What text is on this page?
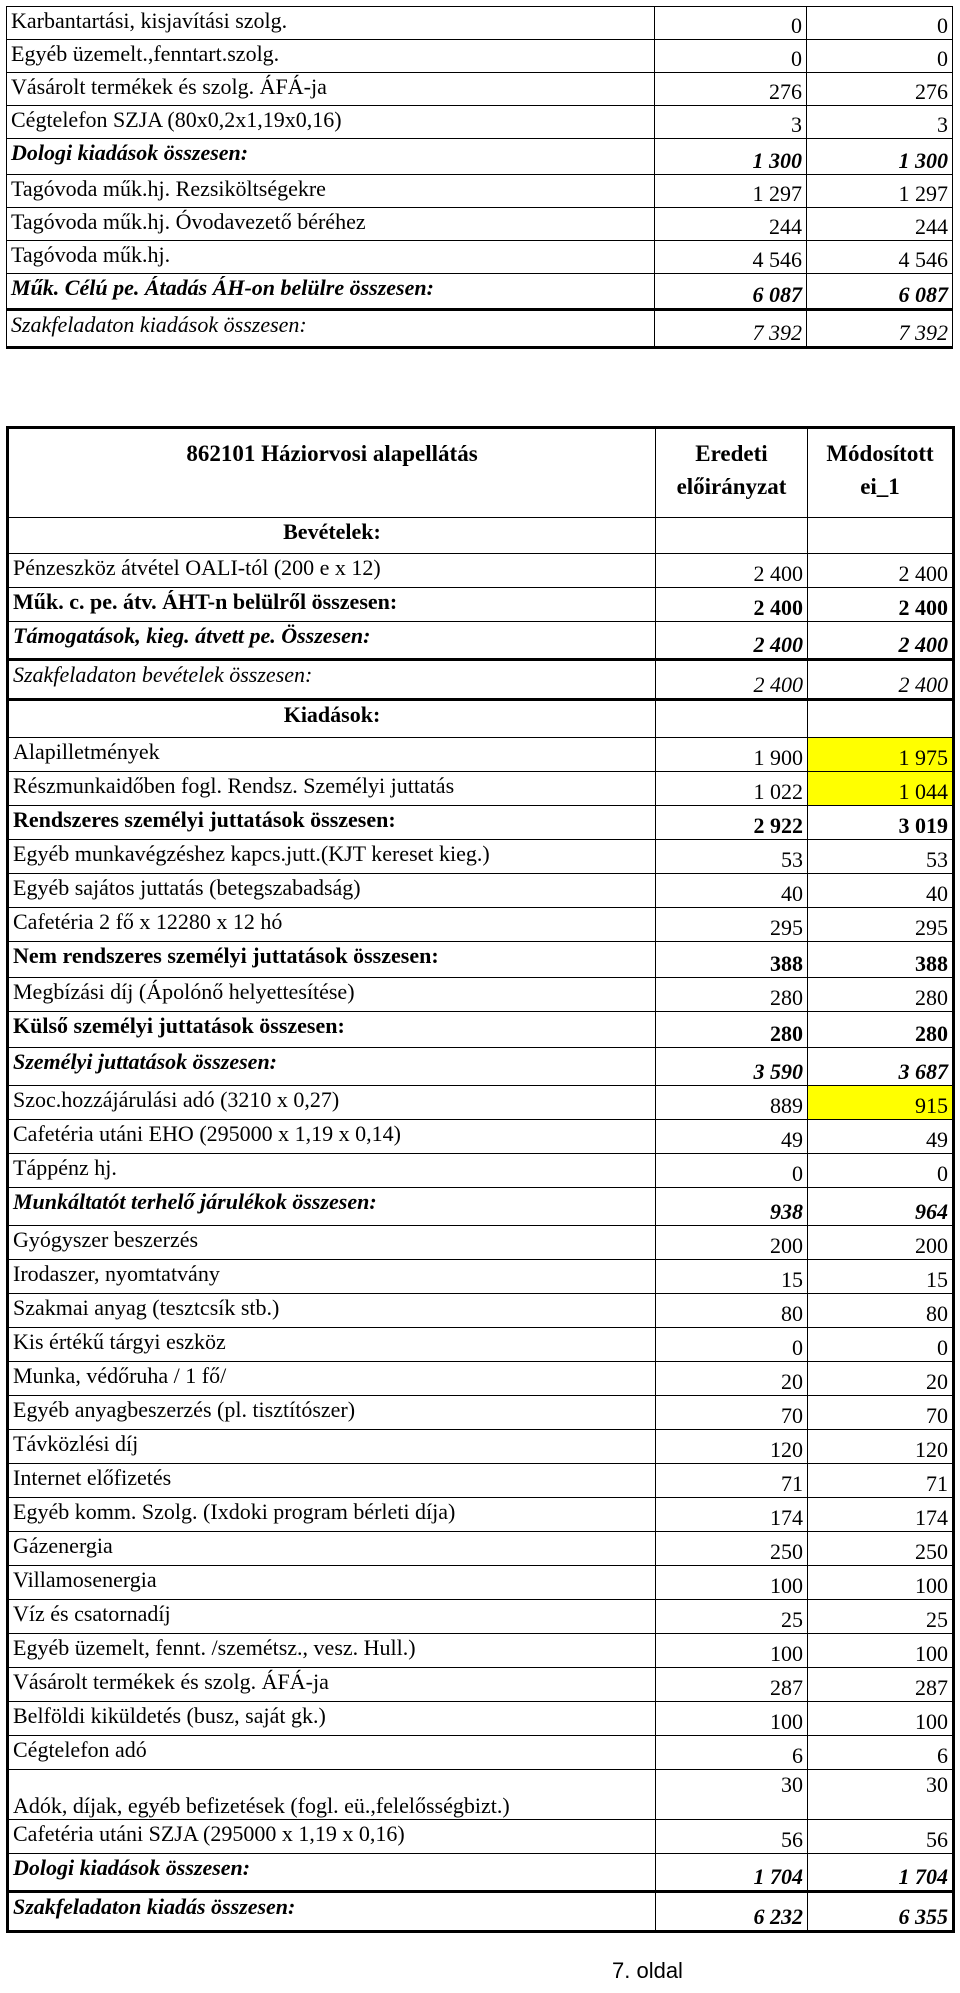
Karbantartási, kisjavítási szolg.	0	0
Egyéb üzemelt.,fenntart.szolg.	0	0
Vásárolt termékek és szolg. ÁFÁ-ja	276	276
Cégtelefon SZJA (80x0,2x1,19x0,16)	3	3
Dologi kiadások összesen:	1 300	1 300
Tagóvoda műk.hj. Rezsiköltségekre	1 297	1 297
Tagóvoda műk.hj. Óvodavezető béréhez	244	244
Tagóvoda műk.hj.	4 546	4 546
Műk. Célú pe. Átadás ÁH-on belülre összesen:	6 087	6 087
Szakfeladaton kiadások összesen:	7 392	7 392
862101 Háziorvosi alapellátás	Eredeti előirányzat	Módosított ei_1
Bevételek:		
Pénzeszköz átvétel OALI-tól (200 e x 12)	2 400	2 400
Műk. c. pe. átv. ÁHT-n belülről összesen:	2 400	2 400
Támogatások, kieg. átvett pe. Összesen:	2 400	2 400
Szakfeladaton bevételek összesen:	2 400	2 400
Kiadások:		
Alapilletmények	1 900	1 975
Részmunkaidőben fogl. Rendsz. Személyi juttatás	1 022	1 044
Rendszeres személyi juttatások összesen:	2 922	3 019
Egyéb munkavégzéshez kapcs.jutt.(KJT kereset kieg.)	53	53
Egyéb sajátos juttatás (betegszabadság)	40	40
Cafetéria 2 fő x 12280 x 12 hó	295	295
Nem rendszeres személyi juttatások összesen:	388	388
Megbízási díj (Ápolónő helyettesítése)	280	280
Külső személyi juttatások összesen:	280	280
Személyi juttatások összesen:	3 590	3 687
Szoc.hozzájárulási adó (3210 x 0,27)	889	915
Cafetéria utáni EHO (295000 x 1,19 x 0,14)	49	49
Táppénz hj.	0	0
Munkáltatót terhelő járulékok összesen:	938	964
Gyógyszer beszerzés	200	200
Irodaszer, nyomtatvány	15	15
Szakmai anyag (tesztcsík stb.)	80	80
Kis értékű tárgyi eszköz	0	0
Munka, védőruha / 1 fő/	20	20
Egyéb anyagbeszerzés (pl. tisztítószer)	70	70
Távközlési díj	120	120
Internet előfizetés	71	71
Egyéb komm. Szolg. (Ixdoki program bérleti díja)	174	174
Gázenergia	250	250
Villamosenergia	100	100
Víz és csatornadíj	25	25
Egyéb üzemelt, fennt. /szemétsz., vesz. Hull.)	100	100
Vásárolt termékek és szolg. ÁFÁ-ja	287	287
Belföldi kiküldetés (busz, saját gk.)	100	100
Cégtelefon adó	6	6
Adók, díjak, egyéb befizetések (fogl. eü.,felelősségbizt.)	30	30
Cafetéria utáni SZJA (295000 x 1,19 x 0,16)	56	56
Dologi kiadások összesen:	1 704	1 704
Szakfeladaton kiadás összesen:	6 232	6 355
7. oldal
